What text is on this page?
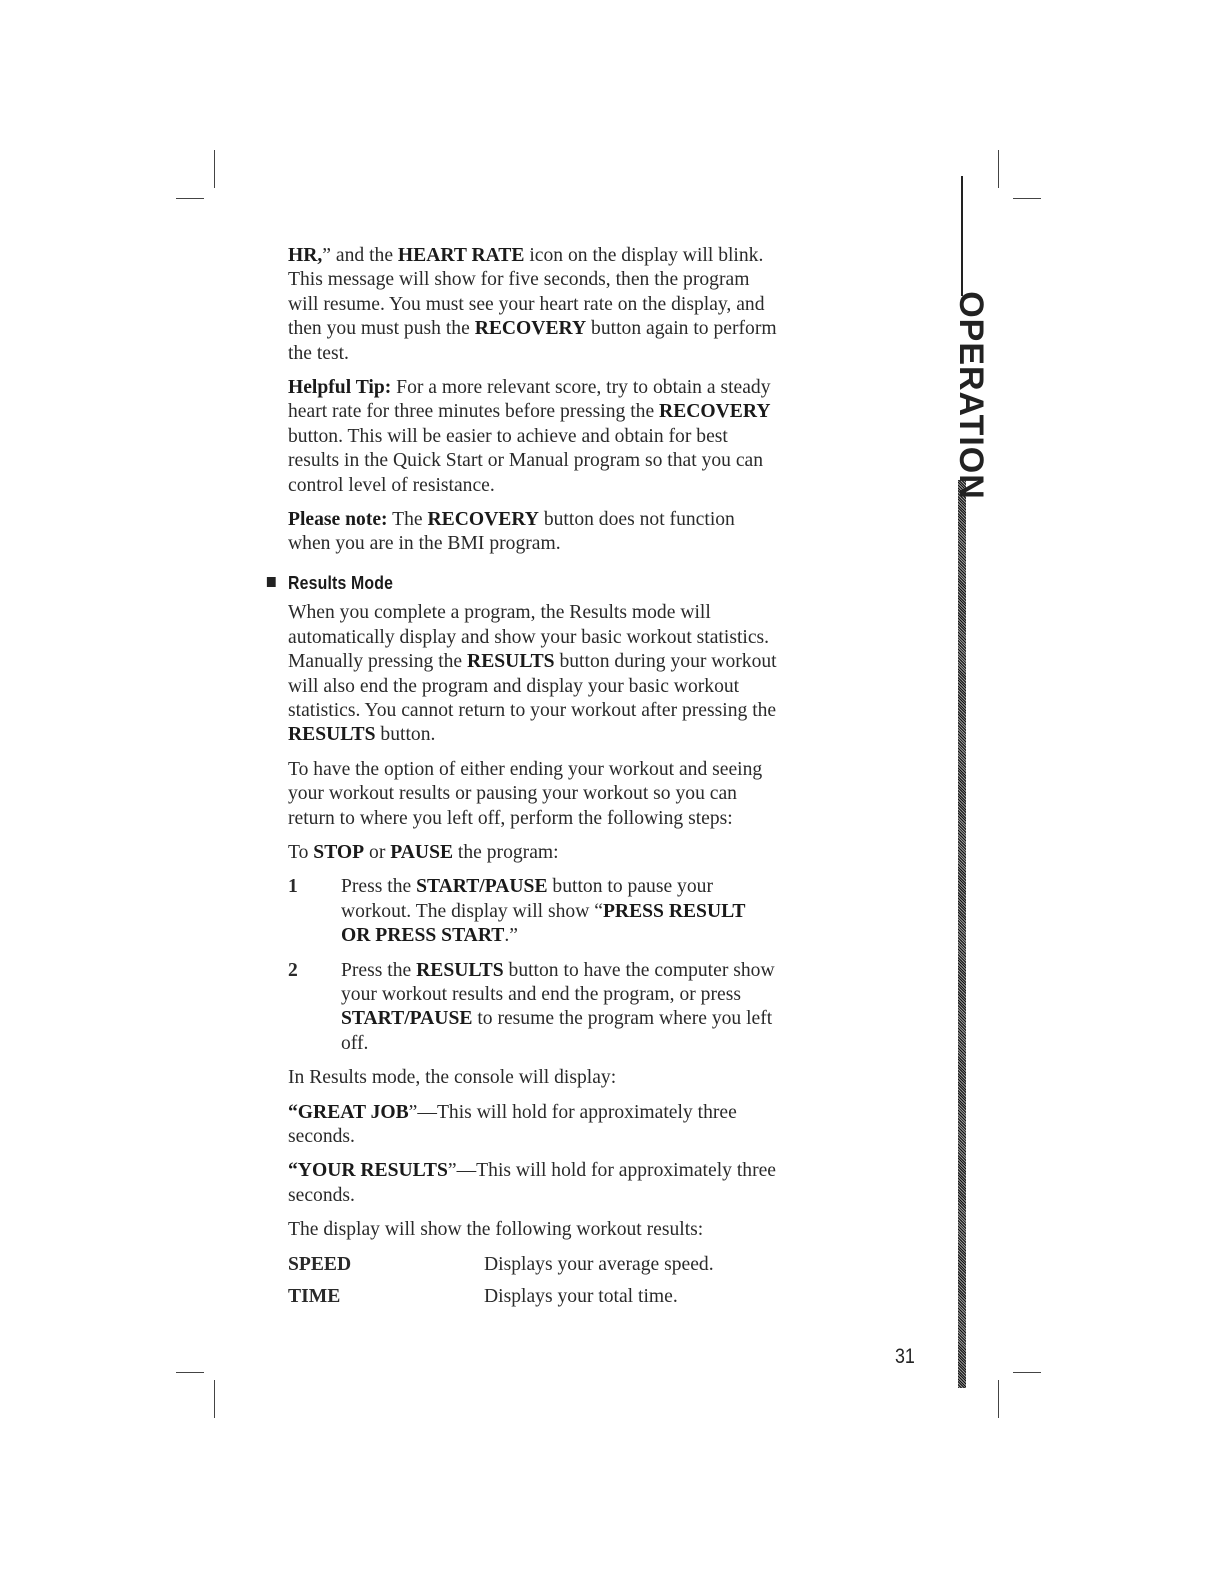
OPERATION

HR,” and the HEART RATE icon on the display will blink. This message will show for five seconds, then the program will resume. You must see your heart rate on the display, and then you must push the RECOVERY button again to perform the test.

Helpful Tip: For a more relevant score, try to obtain a steady heart rate for three minutes before pressing the RECOVERY button. This will be easier to achieve and obtain for best results in the Quick Start or Manual program so that you can control level of resistance.

Please note: The RECOVERY button does not function when you are in the BMI program.

Results Mode

When you complete a program, the Results mode will automatically display and show your basic workout statistics. Manually pressing the RESULTS button during your workout will also end the program and display your basic workout statistics. You cannot return to your workout after pressing the RESULTS button.

To have the option of either ending your workout and seeing your workout results or pausing your workout so you can return to where you left off, perform the following steps:

To STOP or PAUSE the program:

1 Press the START/PAUSE button to pause your workout. The display will show “PRESS RESULT OR PRESS START.”
2 Press the RESULTS button to have the computer show your workout results and end the program, or press START/PAUSE to resume the program where you left off.

In Results mode, the console will display:

“GREAT JOB”—This will hold for approximately three seconds.

“YOUR RESULTS”—This will hold for approximately three seconds.

The display will show the following workout results:

SPEED	Displays your average speed.
TIME	Displays your total time.
31
